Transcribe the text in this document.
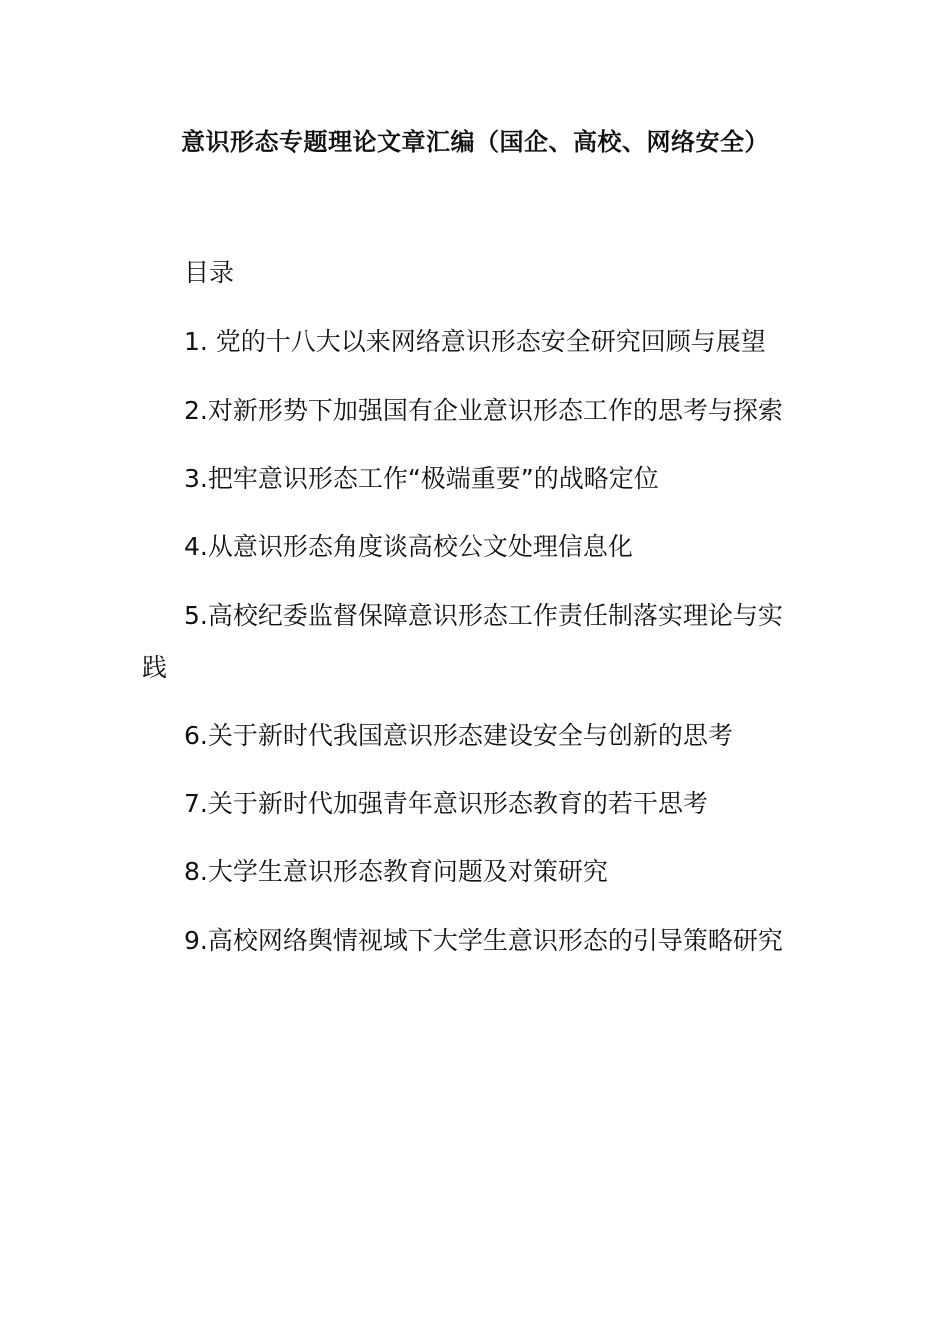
意识形态专题理论文章汇编（国企、高校、网络安全）
目录
1. 党的十八大以来网络意识形态安全研究回顾与展望
2.对新形势下加强国有企业意识形态工作的思考与探索
3.把牢意识形态工作“极端重要”的战略定位
4.从意识形态角度谈高校公文处理信息化
5.高校纪委监督保障意识形态工作责任制落实理论与实践
6.关于新时代我国意识形态建设安全与创新的思考
7.关于新时代加强青年意识形态教育的若干思考
8.大学生意识形态教育问题及对策研究
9.高校网络舆情视域下大学生意识形态的引导策略研究
